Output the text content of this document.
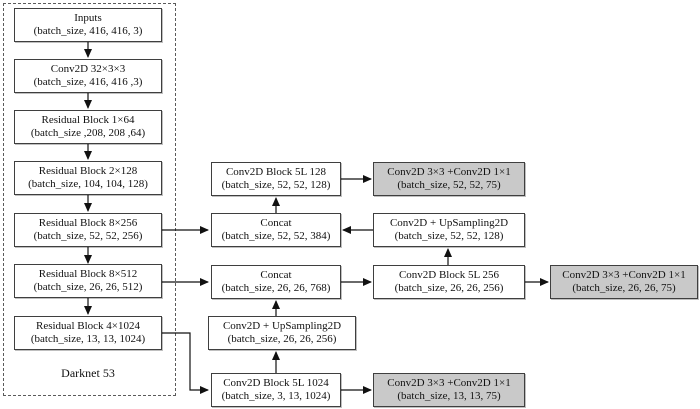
Inputs
(batch_size, 416, 416, 3)
Conv2D 32×3×3
(batch_size, 416, 416 ,3)
Residual Block 1×64
(batch_size ,208, 208 ,64)
Residual Block 2×128
(batch_size, 104, 104, 128)
Residual Block 8×256
(batch_size, 52, 52, 256)
Residual Block 8×512
(batch_size, 26, 26, 512)
Residual Block 4×1024
(batch_size, 13, 13, 1024)
Darknet 53
Conv2D Block 5L 128
(batch_size, 52, 52, 128)
Concat
(batch_size, 52, 52, 384)
Concat
(batch_size, 26, 26, 768)
Conv2D + UpSampling2D
(batch_size, 26, 26, 256)
Conv2D Block 5L 1024
(batch_size, 3, 13, 1024)
Conv2D 3×3 +Conv2D 1×1
(batch_size, 52, 52, 75)
Conv2D + UpSampling2D
(batch_size, 52, 52, 128)
Conv2D Block 5L 256
(batch_size, 26, 26, 256)
Conv2D 3×3 +Conv2D 1×1
(batch_size, 13, 13, 75)
Conv2D 3×3 +Conv2D 1×1
(batch_size, 26, 26, 75)
